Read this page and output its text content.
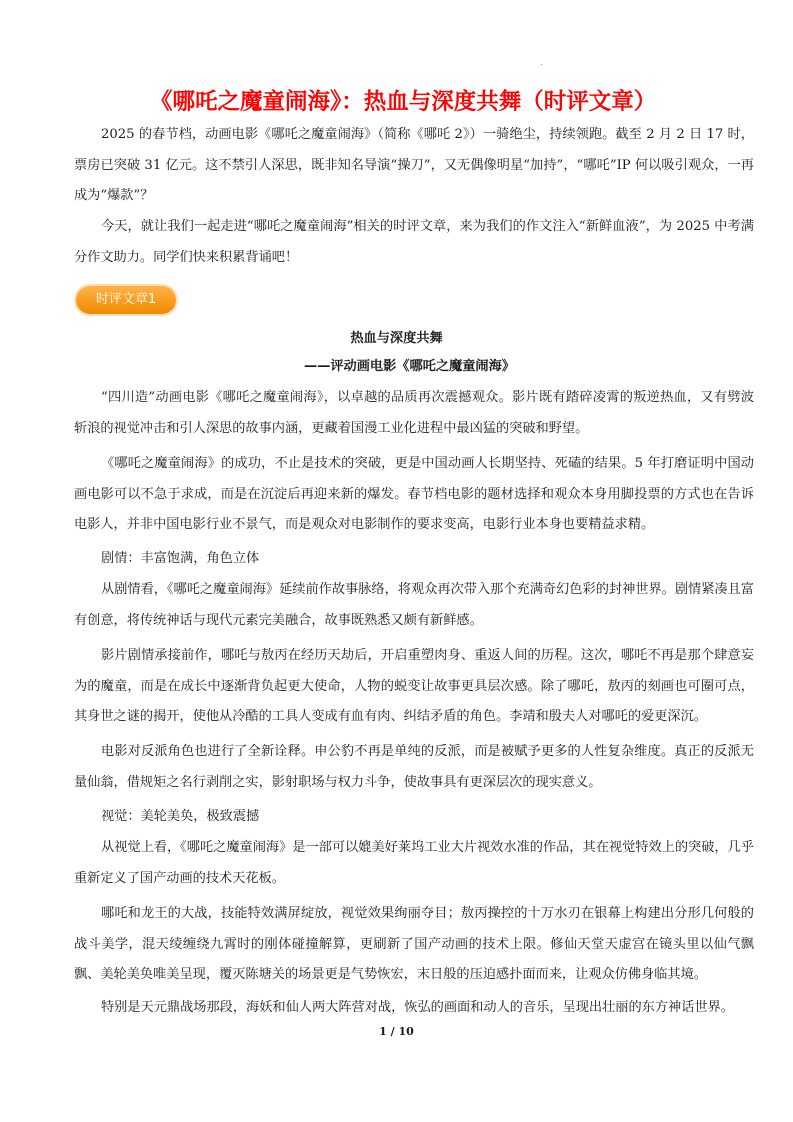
《哪吒之魔童闹海》：热血与深度共舞（时评文章）
2025 的春节档，动画电影《哪吒之魔童闹海》（简称《哪吒 2》）一骑绝尘，持续领跑。截至 2 月 2 日 17 时，票房已突破 31 亿元。这不禁引人深思，既非知名导演“操刀”，又无偶像明星“加持”，“哪吒”IP 何以吸引观众，一再成为“爆款”？
今天，就让我们一起走进“哪吒之魔童闹海”相关的时评文章，来为我们的作文注入“新鲜血液”，为 2025 中考满分作文助力。同学们快来积累背诵吧！
时评文章1
热血与深度共舞
——评动画电影《哪吒之魔童闹海》
“四川造”动画电影《哪吒之魔童闹海》，以卓越的品质再次震撼观众。影片既有踏碎凌霄的叛逆热血，又有劈波斩浪的视觉冲击和引人深思的故事内涵，更藏着国漫工业化进程中最凶猛的突破和野望。
《哪吒之魔童闹海》的成功，不止是技术的突破，更是中国动画人长期坚持、死磕的结果。5 年打磨证明中国动画电影可以不急于求成，而是在沉淀后再迎来新的爆发。春节档电影的题材选择和观众本身用脚投票的方式也在告诉电影人，并非中国电影行业不景气，而是观众对电影制作的要求变高，电影行业本身也要精益求精。
剧情：丰富饱满，角色立体
从剧情看，《哪吒之魔童闹海》延续前作故事脉络，将观众再次带入那个充满奇幻色彩的封神世界。剧情紧凑且富有创意，将传统神话与现代元素完美融合，故事既熟悉又颇有新鲜感。
影片剧情承接前作，哪吒与敖丙在经历天劫后，开启重塑肉身、重返人间的历程。这次，哪吒不再是那个肆意妄为的魔童，而是在成长中逐渐背负起更大使命，人物的蜕变让故事更具层次感。除了哪吒，敖丙的刻画也可圈可点，其身世之谜的揭开，使他从冷酷的工具人变成有血有肉、纠结矛盾的角色。李靖和殷夫人对哪吒的爱更深沉。
电影对反派角色也进行了全新诠释。申公豹不再是单纯的反派，而是被赋予更多的人性复杂维度。真正的反派无量仙翁，借规矩之名行剥削之实，影射职场与权力斗争，使故事具有更深层次的现实意义。
视觉：美轮美奂，极致震撼
从视觉上看，《哪吒之魔童闹海》是一部可以媲美好莱坞工业大片视效水准的作品，其在视觉特效上的突破，几乎重新定义了国产动画的技术天花板。
哪吒和龙王的大战，技能特效满屏绽放，视觉效果绚丽夺目；敖丙操控的十万水刃在银幕上构建出分形几何般的战斗美学，混天绫缠绕九霄时的刚体碰撞解算，更刷新了国产动画的技术上限。修仙天堂天虚宫在镜头里以仙气飘飘、美轮美奂唯美呈现，覆灭陈塘关的场景更是气势恢宏，末日般的压迫感扑面而来，让观众仿佛身临其境。
特别是天元鼎战场那段，海妖和仙人两大阵营对战，恢弘的画面和动人的音乐，呈现出壮丽的东方神话世界。
1 / 10
